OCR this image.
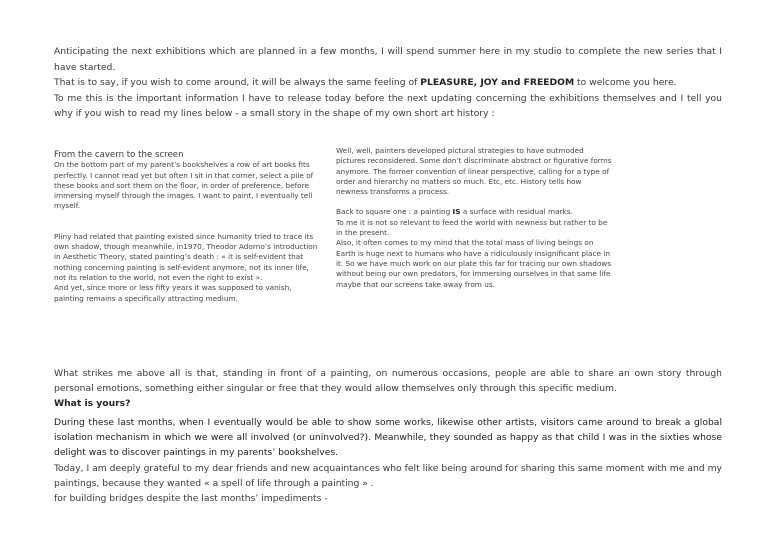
Anticipating the next exhibitions which are planned in a few months, I will spend summer here in my studio to complete the new series that I have started.

That is to say, if you wish to come around, it will be always the same feeling of PLEASURE, JOY and FREEDOM to welcome you here.

To me this is the important information I have to release today before the next updating concerning the exhibitions themselves and I tell you why if you wish to read my lines below - a small story in the shape of my own short art history :

From the cavern to the screen

On the bottom part of my parent’s bookshelves a row of art books fits perfectly. I cannot read yet but often I sit in that corner, select a pile of these books and sort them on the floor, in order of preference, before immersing myself through the images. I want to paint, I eventually tell myself.

Pliny had related that painting existed since humanity tried to trace its own shadow, though meanwhile, in1970, Theodor Adorno’s introduction in Aesthetic Theory, stated painting’s death : « it is self-evident that nothing concerning painting is self-evident anymore, not its inner life, not its relation to the world, not even the right to exist ».

And yet, since more or less fifty years it was supposed to vanish, painting remains a specifically attracting medium.

Well, well, painters developed pictural strategies to have outmoded pictures reconsidered. Some don’t discriminate abstract or figurative forms anymore. The former convention of linear perspective, calling for a type of order and hierarchy no matters so much. Etc, etc. History tells how newness transforms a process.

Back to square one : a painting IS a surface with residual marks.

To me it is not so relevant to feed the world with newness but rather to be in the present.

Also, it often comes to my mind that the total mass of living beings on Earth is huge next to humans who have a ridiculously insignificant place in it. So we have much work on our plate this far for tracing our own shadows without being our own predators, for immersing ourselves in that same life maybe that our screens take away from us.

What strikes me above all is that, standing in front of a painting, on numerous occasions, people are able to share an own story through personal emotions, something either singular or free that they would allow themselves only through this specific medium.

What is yours?

During these last months, when I eventually would be able to show some works, likewise other artists, visitors came around to break a global isolation mechanism in which we were all involved (or uninvolved?). Meanwhile, they sounded as happy as that child I was in the sixties whose delight was to discover paintings in my parents’ bookshelves.

Today, I am deeply grateful to my dear friends and new acquaintances who felt like being around for sharing this same moment with me and my paintings, because they wanted « a spell of life through a painting » .

for building bridges despite the last months’ impediments -
